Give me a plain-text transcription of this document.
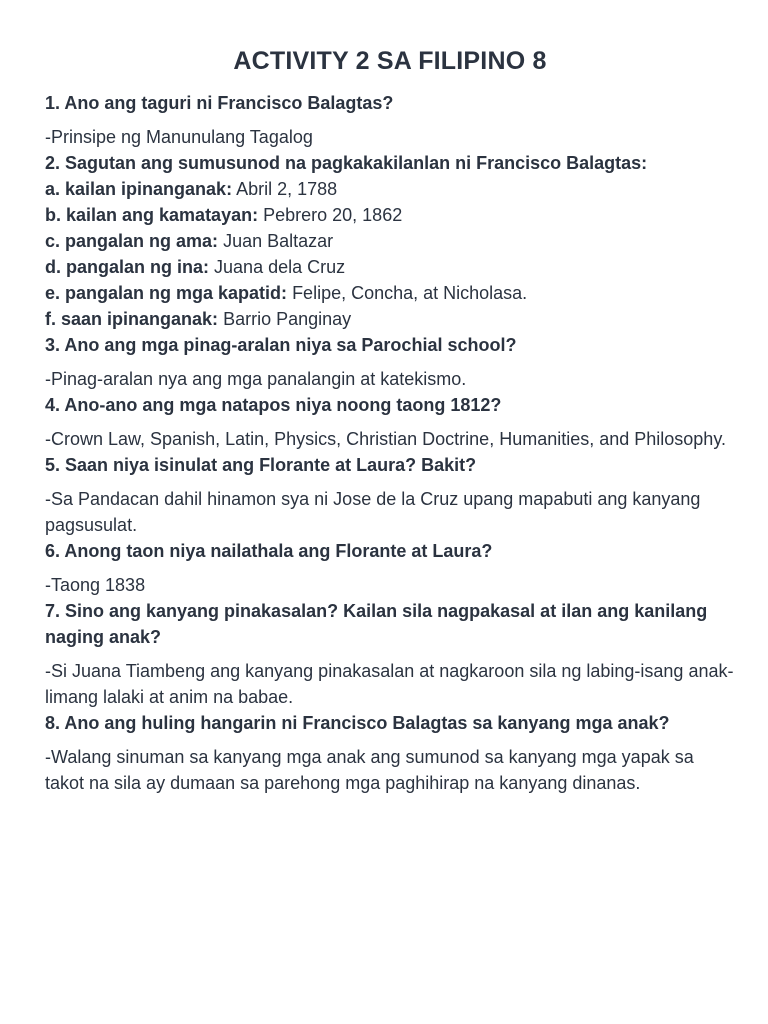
ACTIVITY 2 SA FILIPINO 8

1. Ano ang taguri ni Francisco Balagtas?

-Prinsipe ng Manunulang Tagalog

2. Sagutan ang sumusunod na pagkakakilanlan ni Francisco Balagtas:

a. kailan ipinanganak: Abril 2, 1788

b. kailan ang kamatayan: Pebrero 20, 1862

c. pangalan ng ama: Juan Baltazar

d. pangalan ng ina: Juana dela Cruz

e. pangalan ng mga kapatid: Felipe, Concha, at Nicholasa.

f. saan ipinanganak: Barrio Panginay

3. Ano ang mga pinag-aralan niya sa Parochial school?

-Pinag-aralan nya ang mga panalangin at katekismo.

4. Ano-ano ang mga natapos niya noong taong 1812?

-Crown Law, Spanish, Latin, Physics, Christian Doctrine, Humanities, and Philosophy.

5. Saan niya isinulat ang Florante at Laura? Bakit?

-Sa Pandacan dahil hinamon sya ni Jose de la Cruz upang mapabuti ang kanyang pagsusulat.

6. Anong taon niya nailathala ang Florante at Laura?

-Taong 1838

7. Sino ang kanyang pinakasalan? Kailan sila nagpakasal at ilan ang kanilang naging anak?

-Si Juana Tiambeng ang kanyang pinakasalan at nagkaroon sila ng labing-isang anak- limang lalaki at anim na babae.

8. Ano ang huling hangarin ni Francisco Balagtas sa kanyang mga anak?

-Walang sinuman sa kanyang mga anak ang sumunod sa kanyang mga yapak sa takot na sila ay dumaan sa parehong mga paghihirap na kanyang dinanas.
